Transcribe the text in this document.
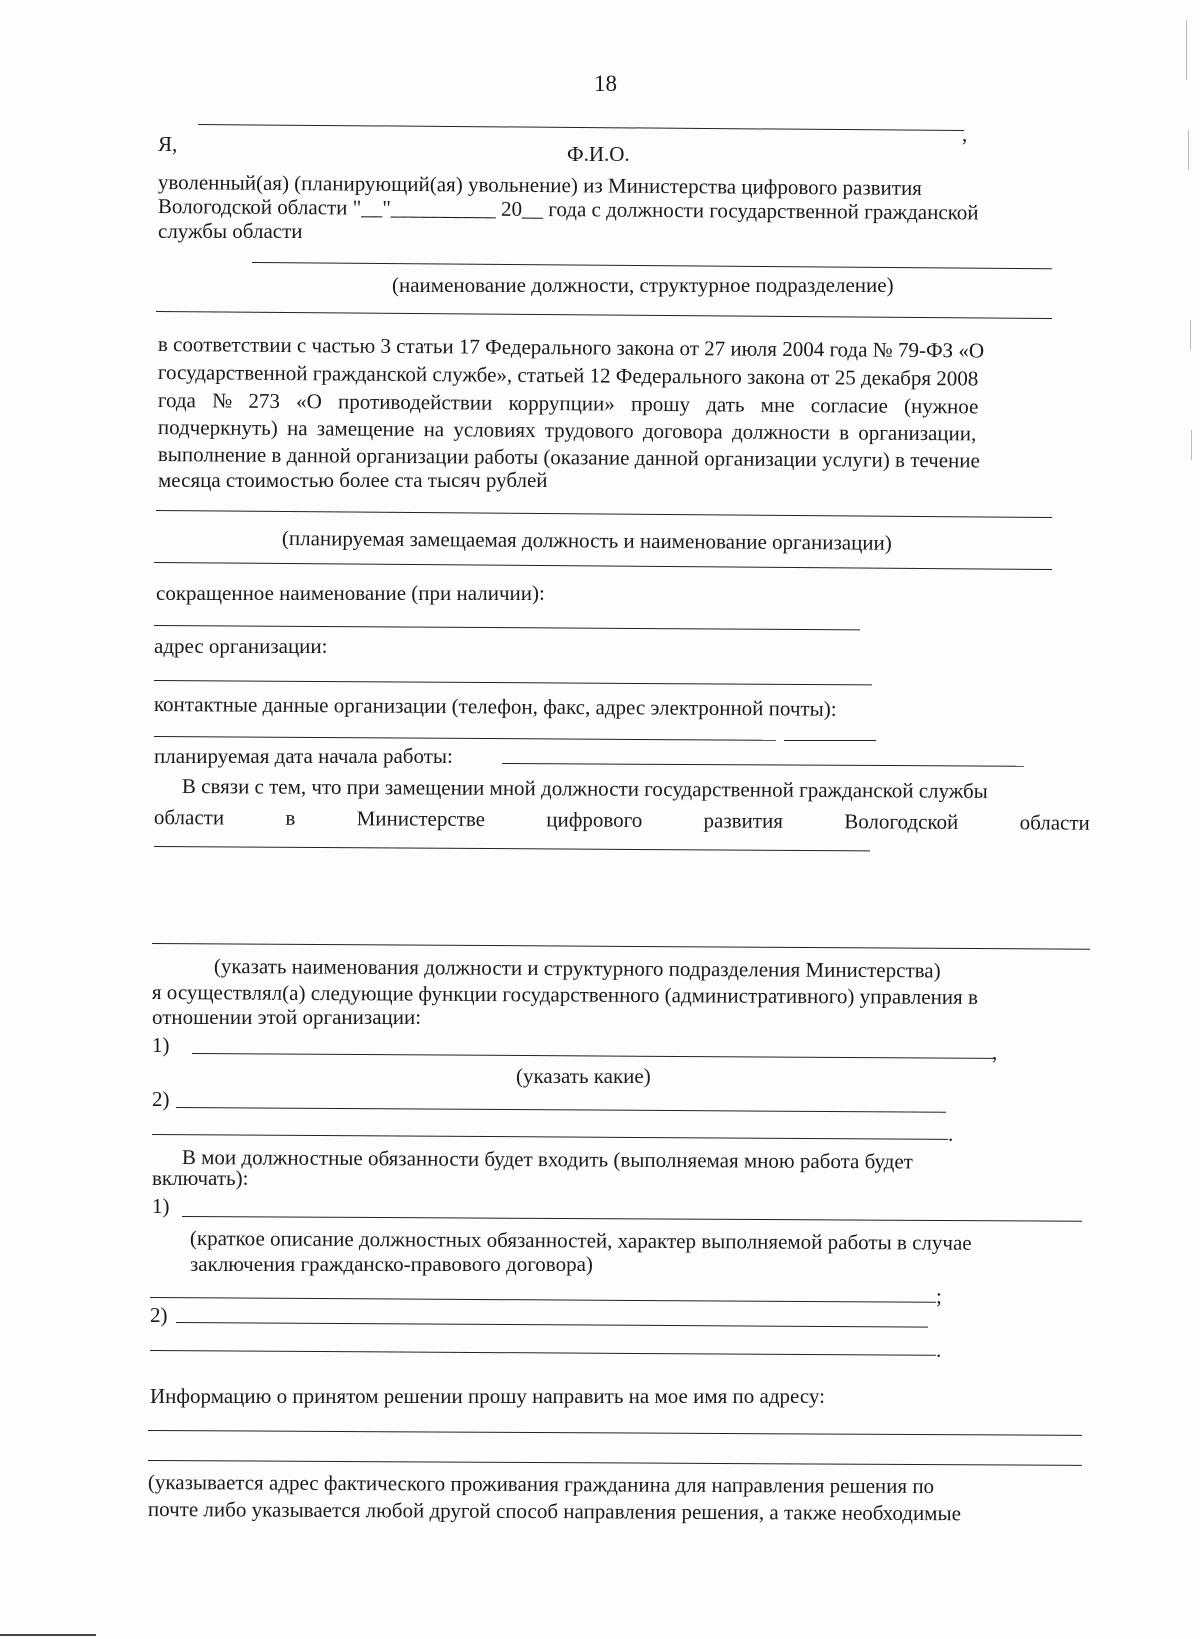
18
Я,	,
Ф.И.О.
уволенный(ая) (планирующий(ая) увольнение) из Министерства цифрового развития
Вологодской области "__"__________ 20__ года с должности государственной гражданской
службы области
(наименование должности, структурное подразделение)
в соответствии с частью 3 статьи 17 Федерального закона от 27 июля 2004 года № 79-ФЗ «О
государственной гражданской службе», статьей 12 Федерального закона от 25 декабря 2008
года № 273 «О противодействии коррупции» прошу дать мне согласие (нужное
подчеркнуть) на замещение на условиях трудового договора должности в организации,
выполнение в данной организации работы (оказание данной организации услуги) в течение
месяца стоимостью более ста тысяч рублей
(планируемая замещаемая должность и наименование организации)
сокращенное наименование (при наличии):
адрес организации:
контактные данные организации (телефон, факс, адрес электронной почты):
планируемая дата начала работы:
В связи с тем, что при замещении мной должности государственной гражданской службы
области	в	Министерстве	цифрового	развития	Вологодской	области
(указать наименования должности и структурного подразделения Министерства)
я осуществлял(а) следующие функции государственного (административного) управления в
отношении этой организации:
1)	,
(указать какие)
2)
.
В мои должностные обязанности будет входить (выполняемая мною работа будет
включать):
1)
(краткое описание должностных обязанностей, характер выполняемой работы в случае
заключения гражданско-правового договора)
;
2)
.
Информацию о принятом решении прошу направить на мое имя по адресу:
(указывается адрес фактического проживания гражданина для направления решения по
почте либо указывается любой другой способ направления решения, а также необходимые
